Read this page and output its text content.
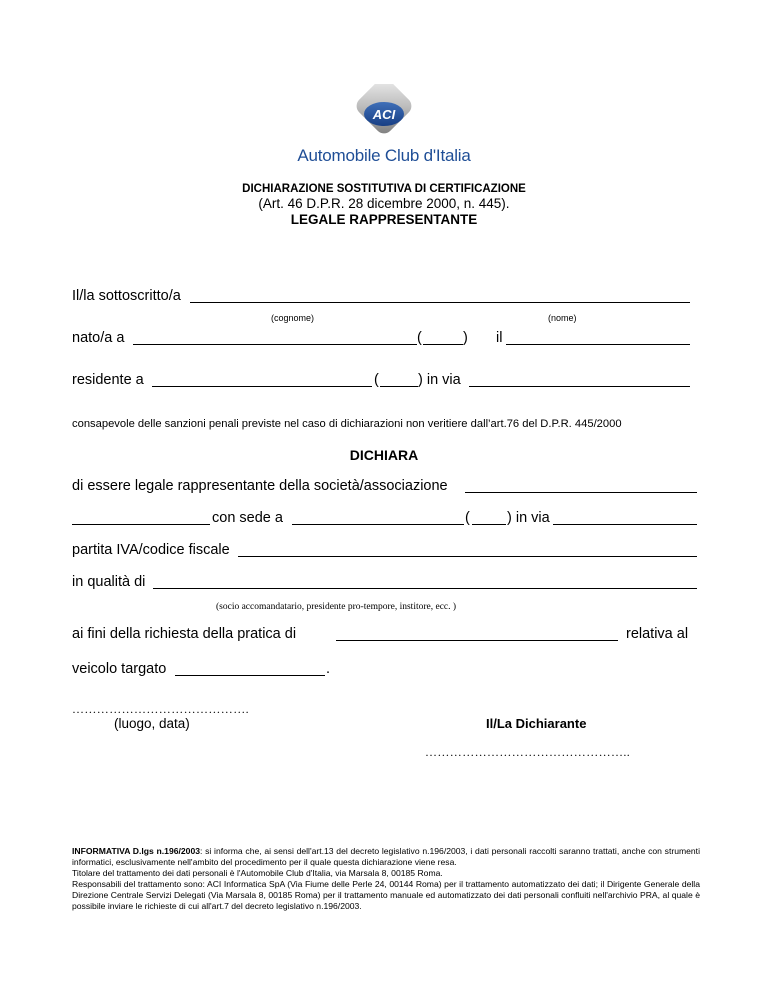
ACI
Automobile Club d'Italia
DICHIARAZIONE SOSTITUTIVA DI CERTIFICAZIONE
(Art. 46 D.P.R. 28 dicembre 2000, n. 445).
LEGALE RAPPRESENTANTE
Il/la sottoscritto/a
(cognome)	(nome)
nato/a a	(	) il
residente a	(	) in via
consapevole delle sanzioni penali previste nel caso di dichiarazioni non veritiere dall’art.76 del D.P.R. 445/2000
DICHIARA
di essere legale rappresentante della società/associazione
con sede a	(	) in via
partita IVA/codice fiscale
in qualità di
(socio accomandatario, presidente pro-tempore, institore, ecc. )
ai fini della richiesta della pratica di	relativa al
veicolo targato	.
…………………………………….
(luogo, data)	Il/La Dichiarante
…………………………………………..
INFORMATIVA D.lgs n.196/2003: si informa che, ai sensi dell'art.13 del decreto legislativo n.196/2003, i dati personali raccolti saranno trattati, anche con strumenti informatici, esclusivamente nell'ambito del procedimento per il quale questa dichiarazione viene resa.
Titolare del trattamento dei dati personali è l'Automobile Club d'Italia, via Marsala 8, 00185 Roma.
Responsabili del trattamento sono: ACI Informatica SpA (Via Fiume delle Perle 24, 00144 Roma) per il trattamento automatizzato dei dati; il Dirigente Generale della Direzione Centrale Servizi Delegati (Via Marsala 8, 00185 Roma) per il trattamento manuale ed automatizzato dei dati personali confluiti nell'archivio PRA, al quale è possibile inviare le richieste di cui all'art.7 del decreto legislativo n.196/2003.
